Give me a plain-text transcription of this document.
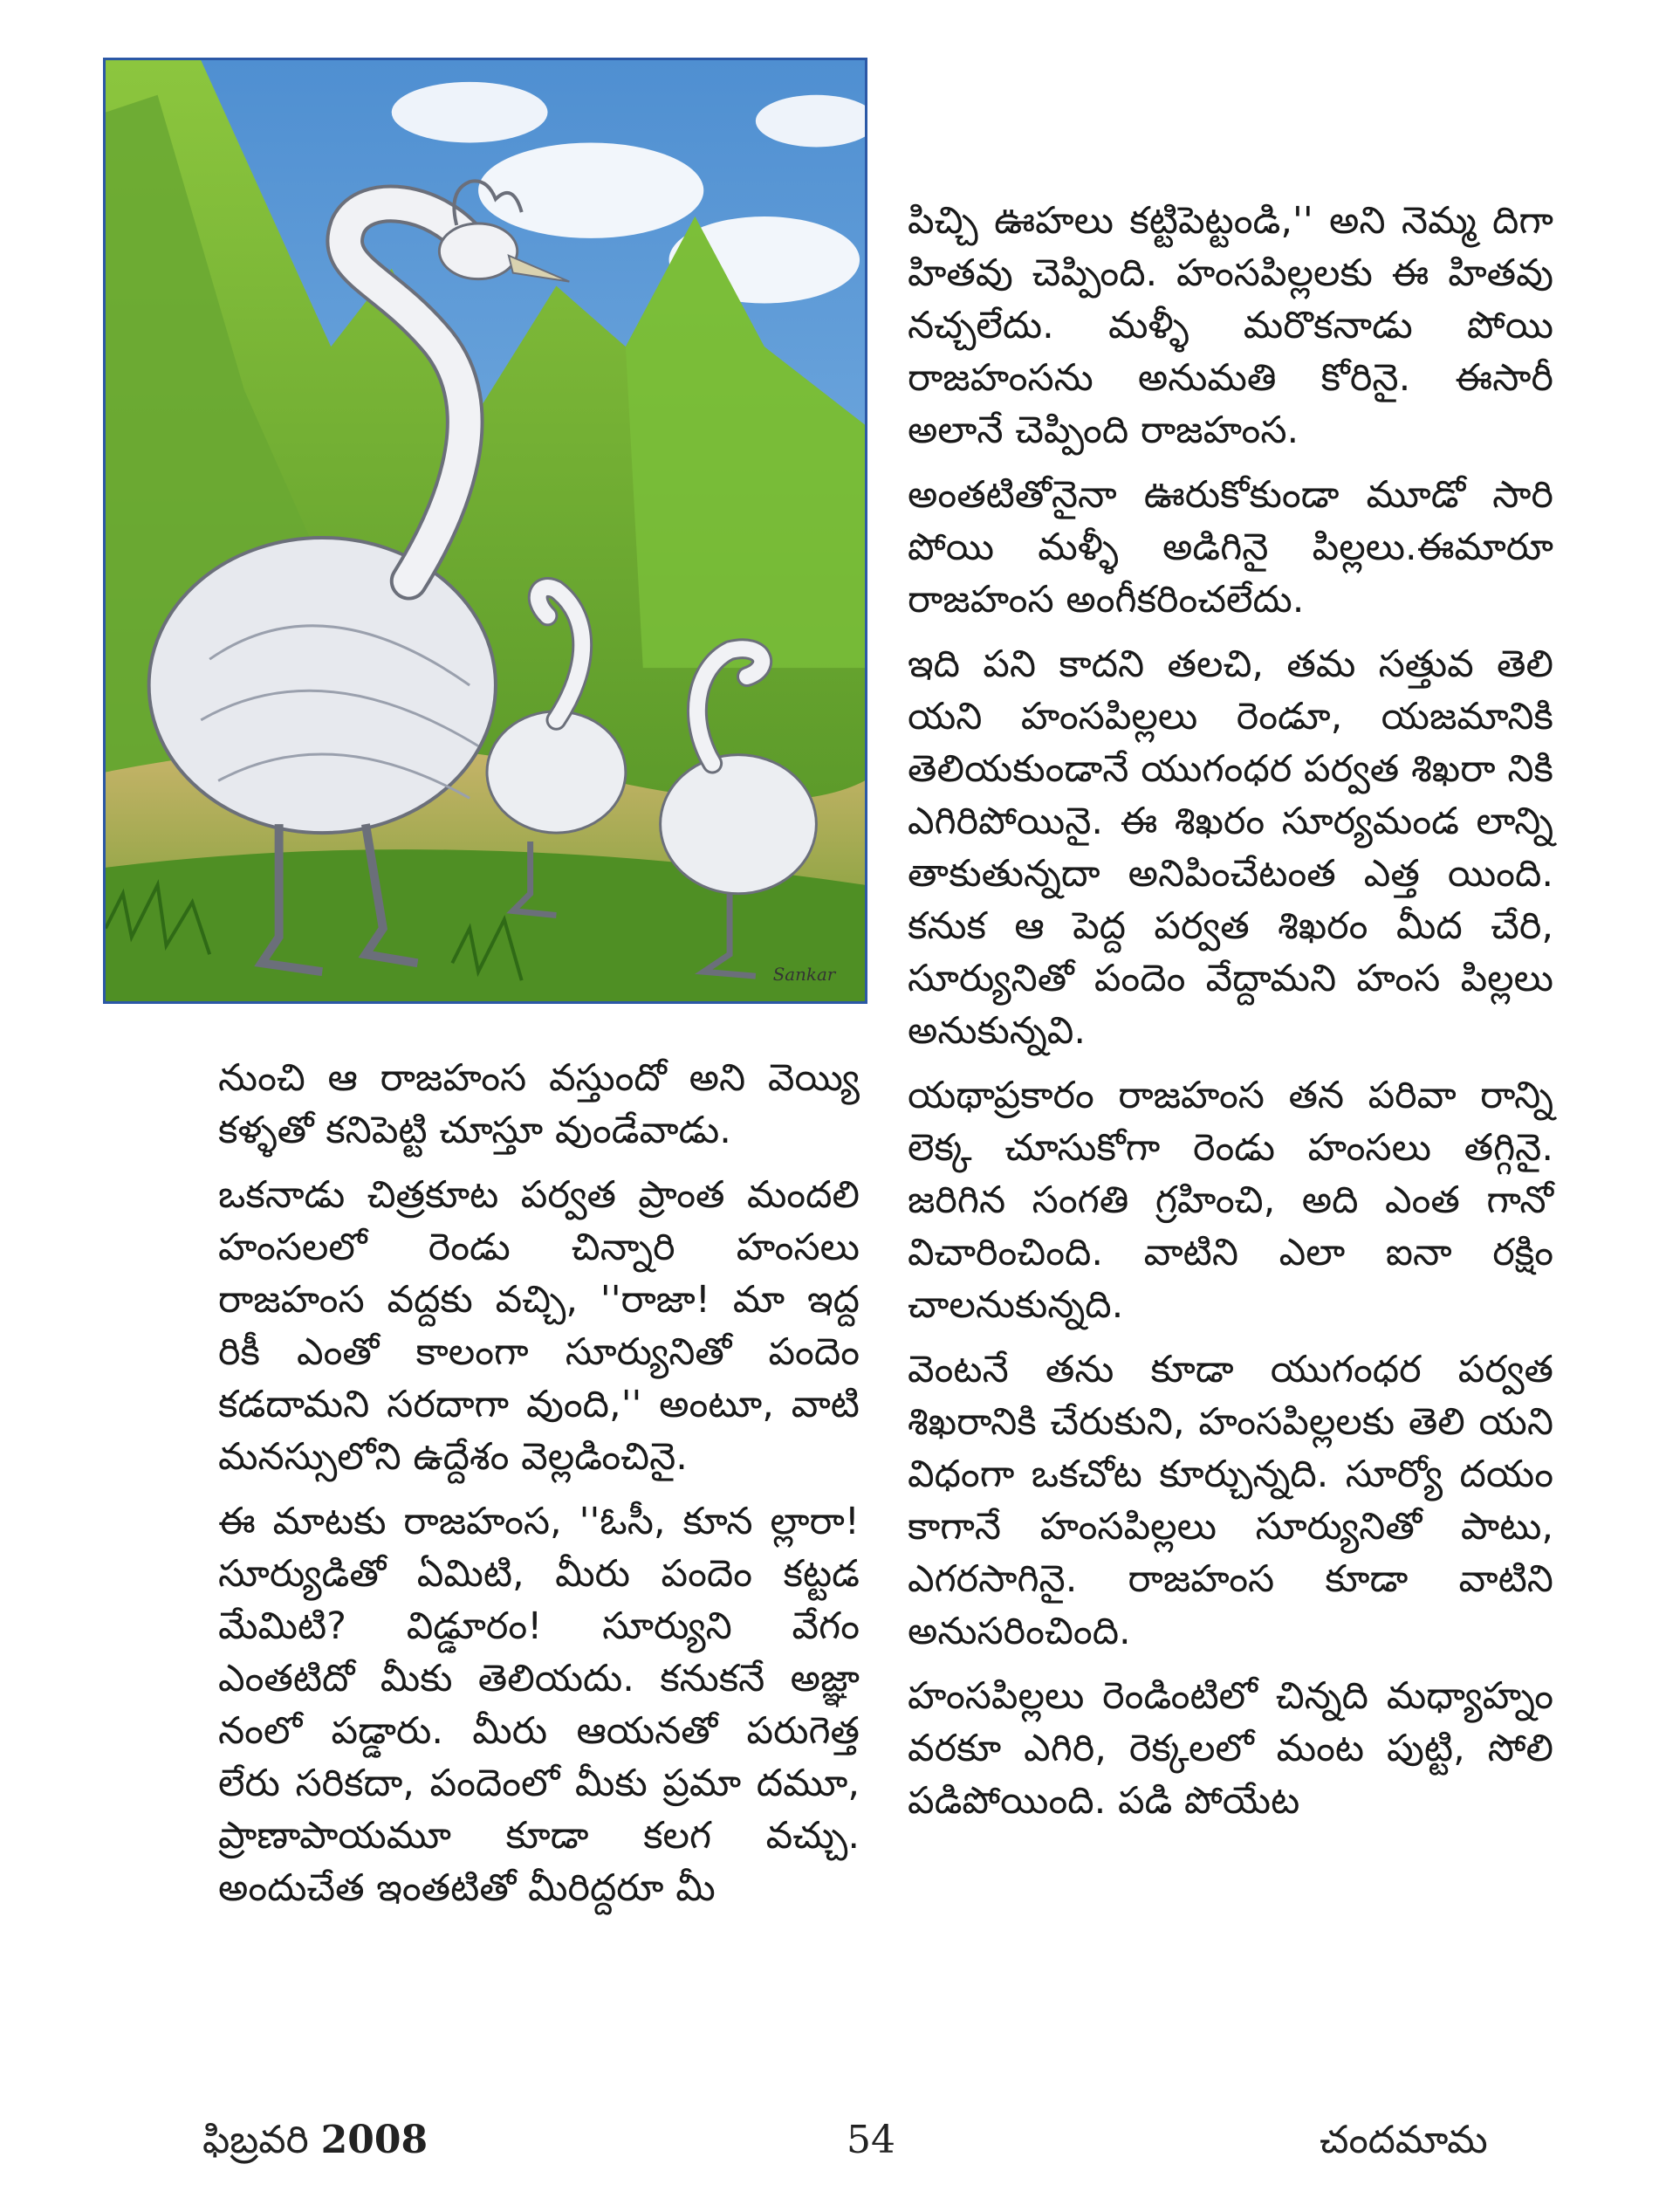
Sankar

నుంచి ఆ రాజహంస వస్తుందో అని వెయ్యి కళ్ళతో కనిపెట్టి చూస్తూ వుండేవాడు.

ఒకనాడు చిత్రకూట పర్వత ప్రాంత మందలి హంసలలో రెండు చిన్నారి హంసలు రాజహంస వద్దకు వచ్చి, ''రాజా! మా ఇద్ద రికీ ఎంతో కాలంగా సూర్యునితో పందెం కడదామని సరదాగా వుంది,'' అంటూ, వాటి మనస్సులోని ఉద్దేశం వెల్లడించినై.

ఈ మాటకు రాజహంస, ''ఓసీ, కూన ల్లారా! సూర్యుడితో ఏమిటి, మీరు పందెం కట్టడ మేమిటి? విడ్డూరం! సూర్యుని వేగం ఎంతటిదో మీకు తెలియదు. కనుకనే అజ్ఞా నంలో పడ్డారు. మీరు ఆయనతో పరుగెత్త లేరు సరికదా, పందెంలో మీకు ప్రమా దమూ, ప్రాణాపాయమూ కూడా కలగ వచ్చు. అందుచేత ఇంతటితో మీరిద్దరూ మీ

పిచ్చి ఊహలు కట్టిపెట్టండి,'' అని నెమ్మ దిగా హితవు చెప్పింది. హంసపిల్లలకు ఈ హితవు నచ్చలేదు. మళ్ళీ మరొకనాడు పోయి రాజహంసను అనుమతి కోరినై. ఈసారీ అలానే చెప్పింది రాజహంస.

అంతటితోనైనా ఊరుకోకుండా మూడో సారి పోయి మళ్ళీ అడిగినై పిల్లలు.ఈమారూ రాజహంస అంగీకరించలేదు.

ఇది పని కాదని తలచి, తమ సత్తువ తెలి యని హంసపిల్లలు రెండూ, యజమానికి తెలియకుండానే యుగంధర పర్వత శిఖరా నికి ఎగిరిపోయినై. ఈ శిఖరం సూర్యమండ లాన్ని తాకుతున్నదా అనిపించేటంత ఎత్త యింది. కనుక ఆ పెద్ద పర్వత శిఖరం మీద చేరి, సూర్యునితో పందెం వేద్దామని హంస పిల్లలు అనుకున్నవి.

యథాప్రకారం రాజహంస తన పరివా రాన్ని లెక్క చూసుకోగా రెండు హంసలు తగ్గినై. జరిగిన సంగతి గ్రహించి, అది ఎంత గానో విచారించింది. వాటిని ఎలా ఐనా రక్షిం చాలనుకున్నది.

వెంటనే తను కూడా యుగంధర పర్వత శిఖరానికి చేరుకుని, హంసపిల్లలకు తెలి యని విధంగా ఒకచోట కూర్చున్నది. సూర్యో దయం కాగానే హంసపిల్లలు సూర్యునితో పాటు, ఎగరసాగినై. రాజహంస కూడా వాటిని అనుసరించింది.

హంసపిల్లలు రెండింటిలో చిన్నది మధ్యాహ్నం వరకూ ఎగిరి, రెక్కలలో మంట పుట్టి, సోలి పడిపోయింది. పడి పోయేట

ఫిబ్రవరి 2008	54	చందమామ
